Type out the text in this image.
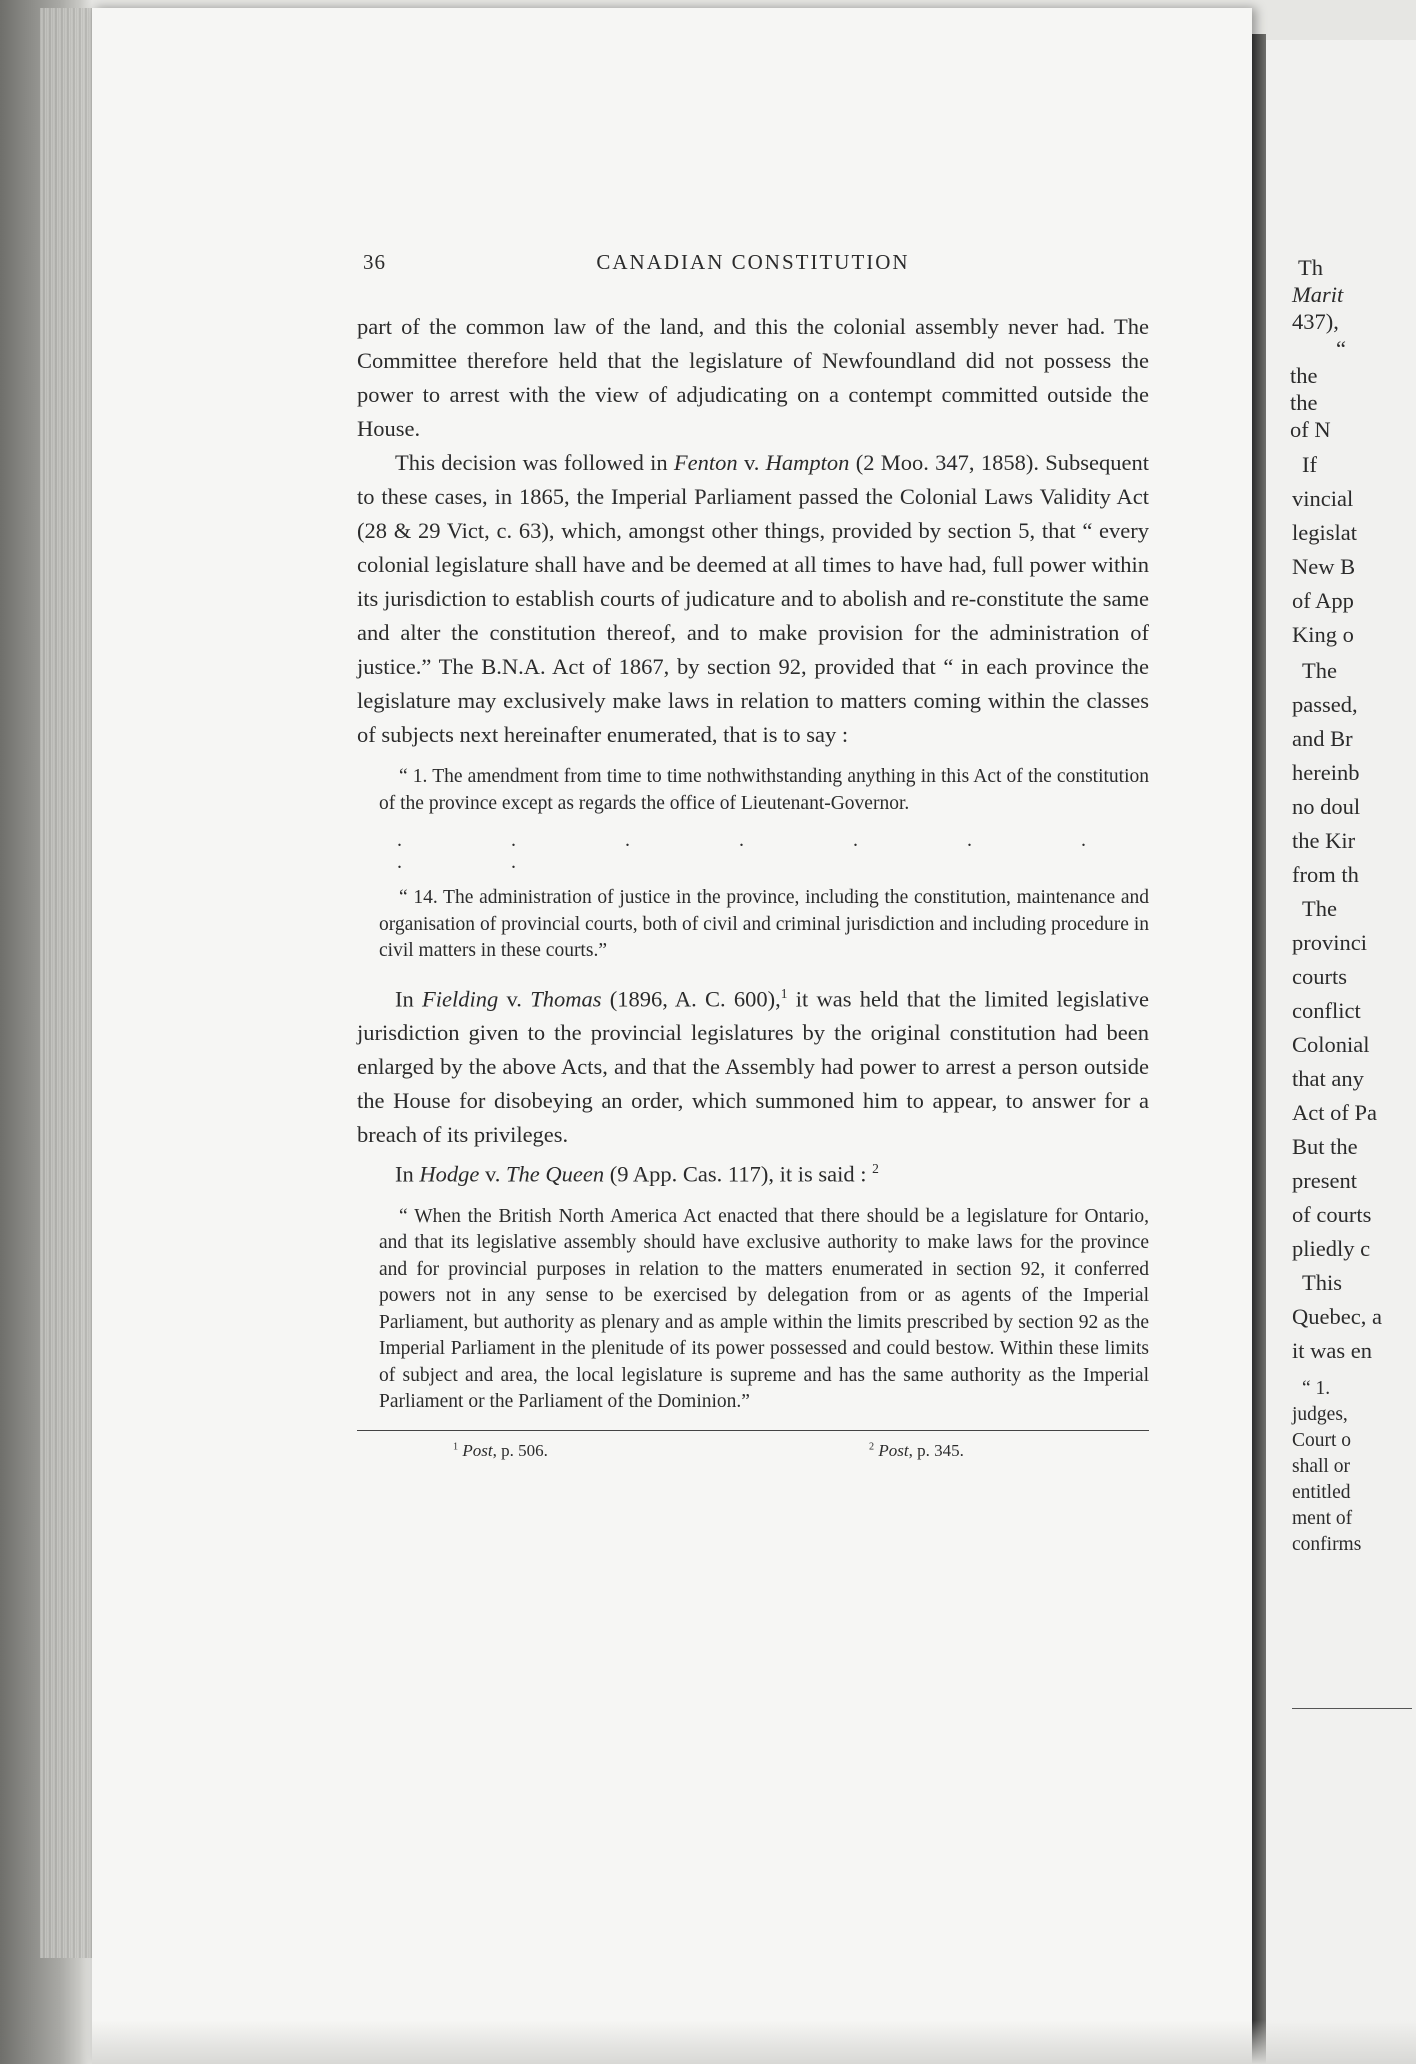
Th
Marit
437),
“
the
the
of N
If
vincial
legislat
New B
of App
King o
The
passed,
and Br
hereinb
no doul
the Kir
from th
The
provinci
courts
conflict
Colonial
that any
Act of Pa
But the
present
of courts
pliedly c
This
Quebec, a
it was en
“ 1.
judges,
Court o
shall or
entitled
ment of
confirms
36	CANADIAN CONSTITUTION

part of the common law of the land, and this the colonial assembly never had. The Committee therefore held that the legislature of Newfoundland did not possess the power to arrest with the view of adjudicating on a contempt committed outside the House.

This decision was followed in Fenton v. Hampton (2 Moo. 347, 1858). Subsequent to these cases, in 1865, the Imperial Parliament passed the Colonial Laws Validity Act (28 & 29 Vict, c. 63), which, amongst other things, provided by section 5, that “ every colonial legislature shall have and be deemed at all times to have had, full power within its jurisdiction to establish courts of judicature and to abolish and re-constitute the same and alter the constitution thereof, and to make provision for the administration of justice.” The B.N.A. Act of 1867, by section 92, provided that “ in each province the legislature may exclusively make laws in relation to matters coming within the classes of subjects next hereinafter enumerated, that is to say :

“ 1. The amendment from time to time nothwithstanding anything in this Act of the constitution of the province except as regards the office of Lieutenant-Governor.

. . . . . . . . .

“ 14. The administration of justice in the province, including the constitution, maintenance and organisation of provincial courts, both of civil and criminal jurisdiction and including procedure in civil matters in these courts.”

In Fielding v. Thomas (1896, A. C. 600),$^1$ it was held that the limited legislative jurisdiction given to the provincial legislatures by the original constitution had been enlarged by the above Acts, and that the Assembly had power to arrest a person outside the House for disobeying an order, which summoned him to appear, to answer for a breach of its privileges.

In Hodge v. The Queen (9 App. Cas. 117), it is said : $^2$

“ When the British North America Act enacted that there should be a legislature for Ontario, and that its legislative assembly should have exclusive authority to make laws for the province and for provincial purposes in relation to the matters enumerated in section 92, it conferred powers not in any sense to be exercised by delegation from or as agents of the Imperial Parliament, but authority as plenary and as ample within the limits prescribed by section 92 as the Imperial Parliament in the plenitude of its power possessed and could bestow. Within these limits of subject and area, the local legislature is supreme and has the same authority as the Imperial Parliament or the Parliament of the Dominion.”

$^1$ Post, p. 506.	$^2$ Post, p. 345.
